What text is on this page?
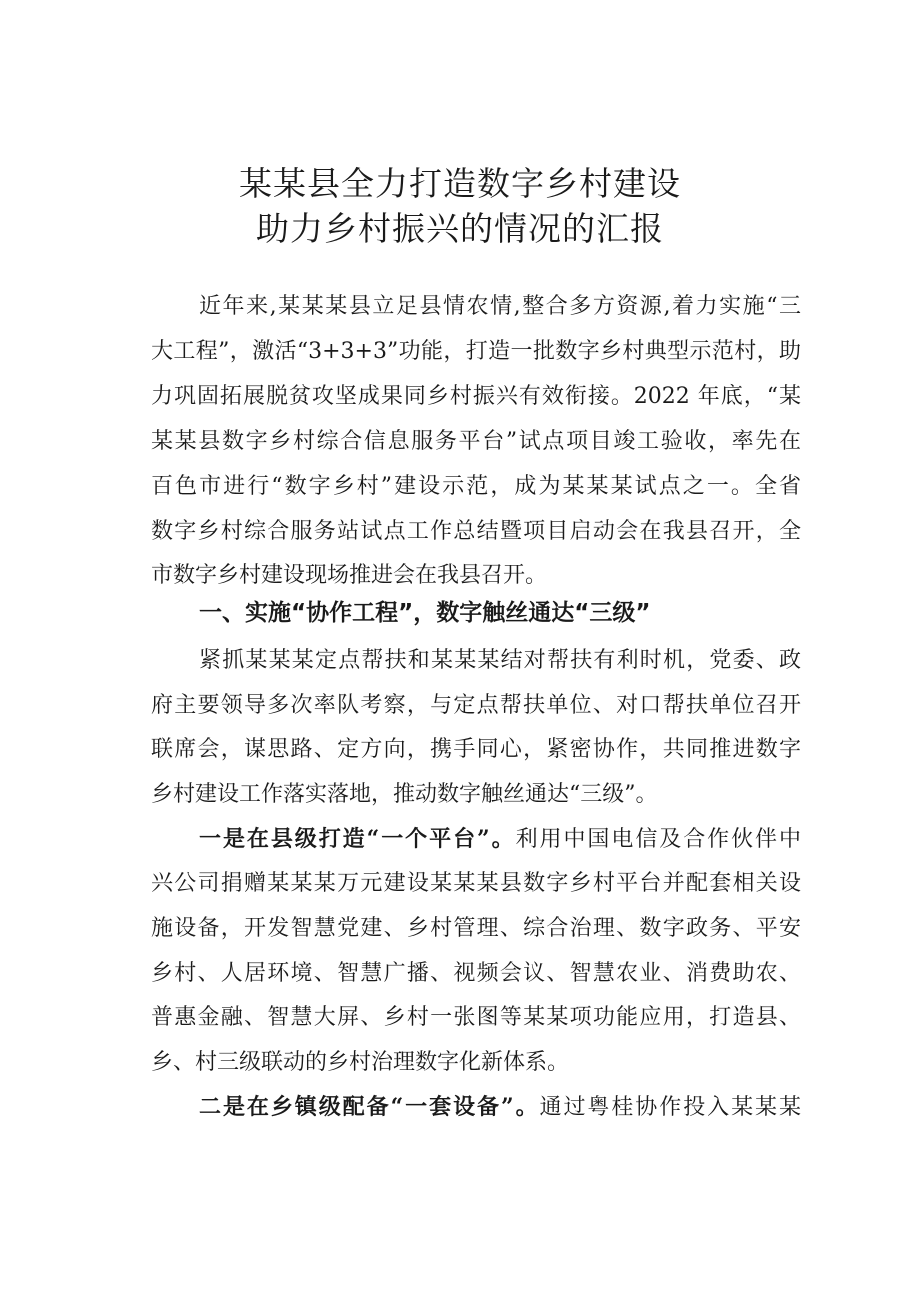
某某县全力打造数字乡村建设
助力乡村振兴的情况的汇报

近年来,某某某县立足县情农情,整合多方资源,着力实施“三

大工程”，激活“3+3+3”功能，打造一批数字乡村典型示范村，助

力巩固拓展脱贫攻坚成果同乡村振兴有效衔接。2022 年底，“某

某某县数字乡村综合信息服务平台”试点项目竣工验收，率先在

百色市进行“数字乡村”建设示范，成为某某某试点之一。全省

数字乡村综合服务站试点工作总结暨项目启动会在我县召开，全

市数字乡村建设现场推进会在我县召开。

一、实施“协作工程”，数字触丝通达“三级”

紧抓某某某定点帮扶和某某某结对帮扶有利时机，党委、政

府主要领导多次率队考察，与定点帮扶单位、对口帮扶单位召开

联席会，谋思路、定方向，携手同心，紧密协作，共同推进数字

乡村建设工作落实落地，推动数字触丝通达“三级”。

一是在县级打造“一个平台”。利用中国电信及合作伙伴中

兴公司捐赠某某某万元建设某某某县数字乡村平台并配套相关设

施设备，开发智慧党建、乡村管理、综合治理、数字政务、平安

乡村、人居环境、智慧广播、视频会议、智慧农业、消费助农、

普惠金融、智慧大屏、乡村一张图等某某项功能应用，打造县、

乡、村三级联动的乡村治理数字化新体系。

二是在乡镇级配备“一套设备”。通过粤桂协作投入某某某
